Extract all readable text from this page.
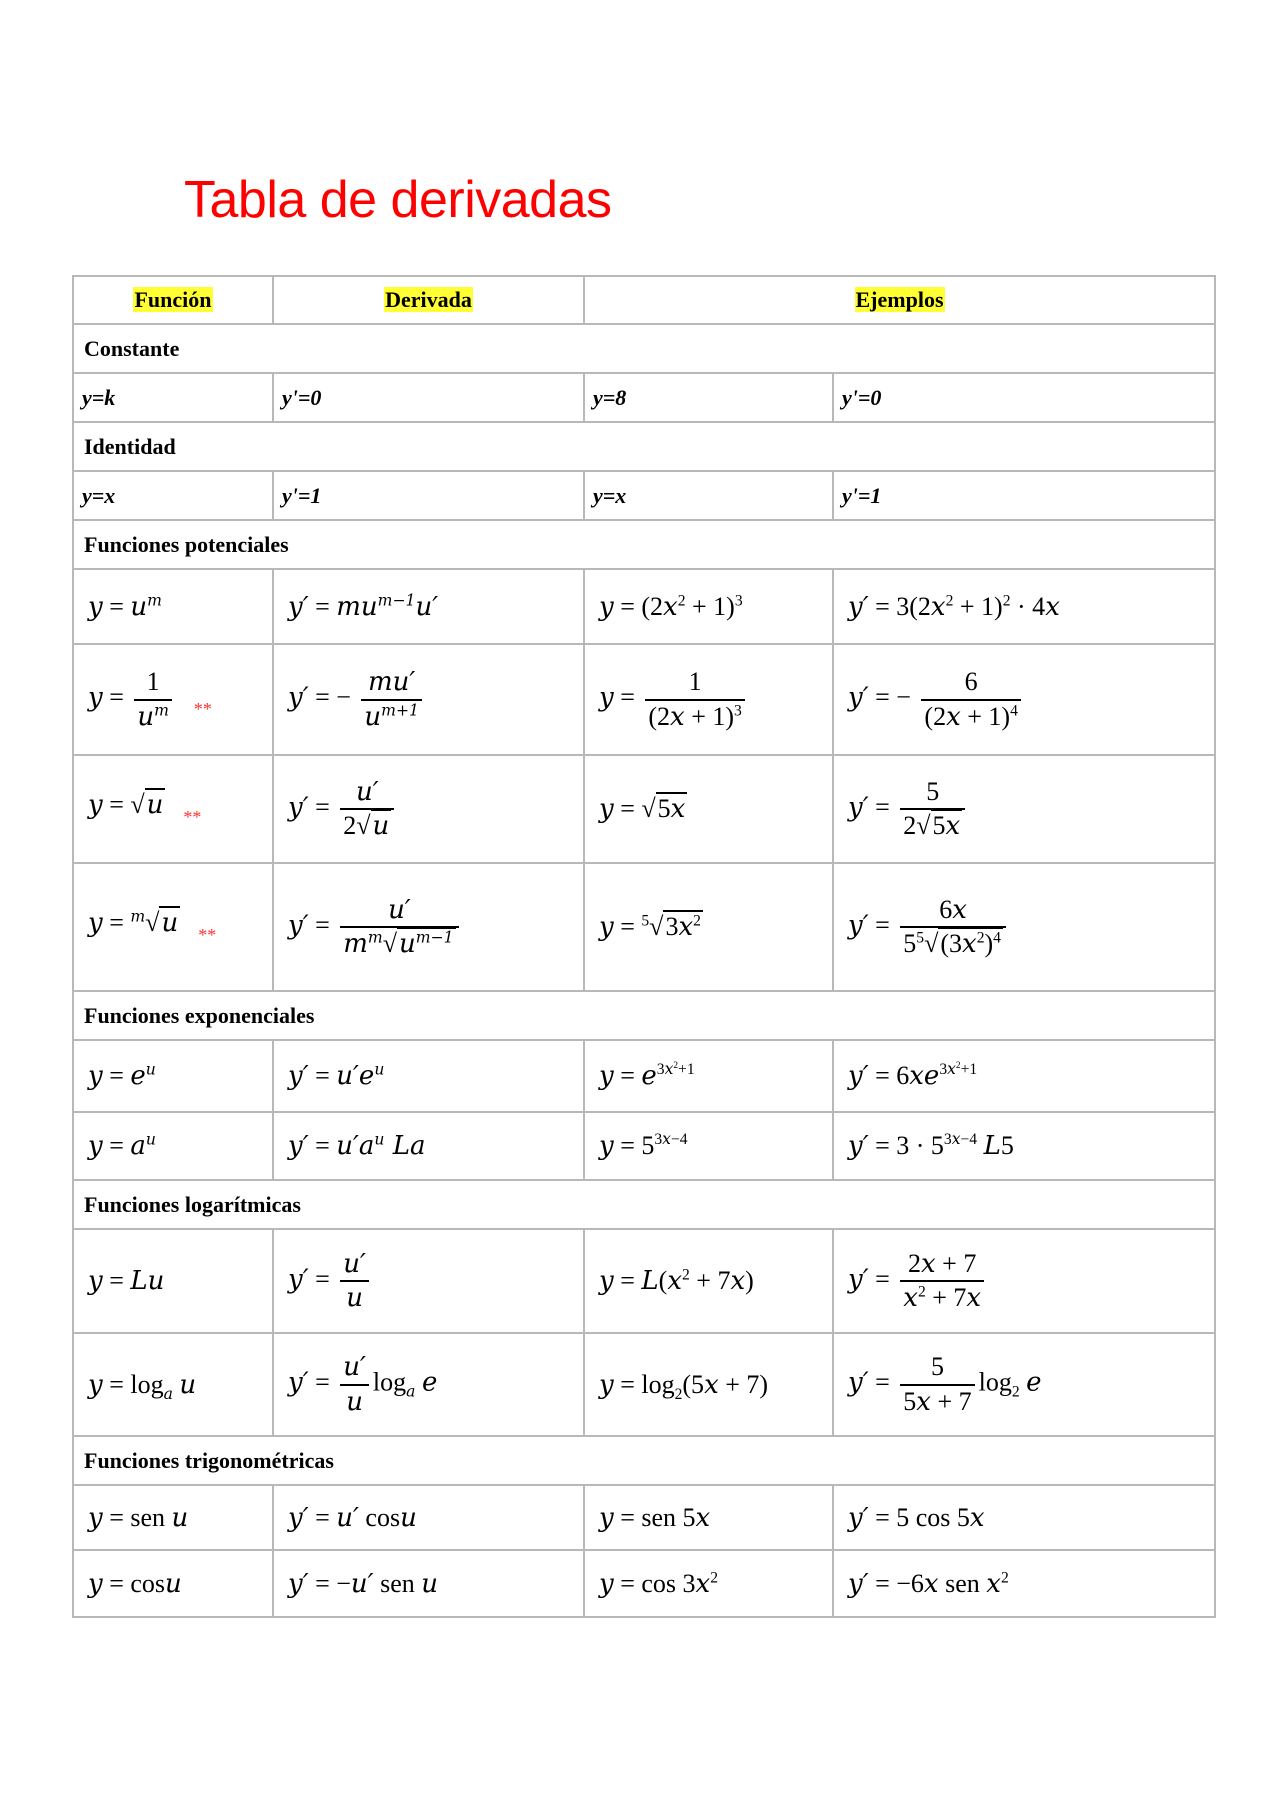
Tabla de derivadas
Función	Derivada	Ejemplos	
Constante			
y=k	y'=0	y=8	y'=0
Identidad			
y=x	y'=1	y=x	y'=1
Funciones potenciales			
$y = u^m$	$y' = mu^{m-1}u'$	$y = (2x^2 + 1)^3$	$y' = 3(2x^2 + 1)^2 \cdot 4x$
$y = \frac{1}{u^m} _{**}$	y′ = − $\frac{mu'}{u^{m+1}}$	$y = \frac{1}{(2x + 1)^3}$	y′ = − $\frac{6}{(2x + 1)^4}$

y = √u $_{**}$	$y' = \frac{u'}{2√u}$	y = √5x	$y' = \frac{5}{2√5x}$

y = $^m$√u $_{**}$	$y' = \frac{u'}{m^m√u^{m-1}}$	$y = ^5√3x^2$	$y' = \frac{6x}{5^5√(3x^2)^4}$

Funciones exponenciales			
$y = e^u$	$y' = u'e^u$	$y = e^{3x^2+1}$	$y' = 6xe^{3x^2+1}$
$y = a^u$	$y' = u'a^u$ La	$y = 5^{3x-4}$	$y' = 3 \cdot 5^{3x-4}$ L5
Funciones logarítmicas			
y = Lu	$y' = \frac{u'}{u}$	$y = L(x^2 + 7x)$	$y' = \frac{2x + 7}{x^2 + 7x}$

$y = \log_a u$	$y' = \frac{u'}{u} \log_a e$	$y = \log_2(5x + 7)$	$y' = \frac{5}{5x + 7} \log_2 e$
Funciones trigonométricas			
y = sen u	y′ = u′ cosu	y = sen 5x	y′ = 5 cos 5x
y = cosu	y′ = −u′ sen u	$y = \cos 3x^2$	y′ = −6x sen $x^2$
